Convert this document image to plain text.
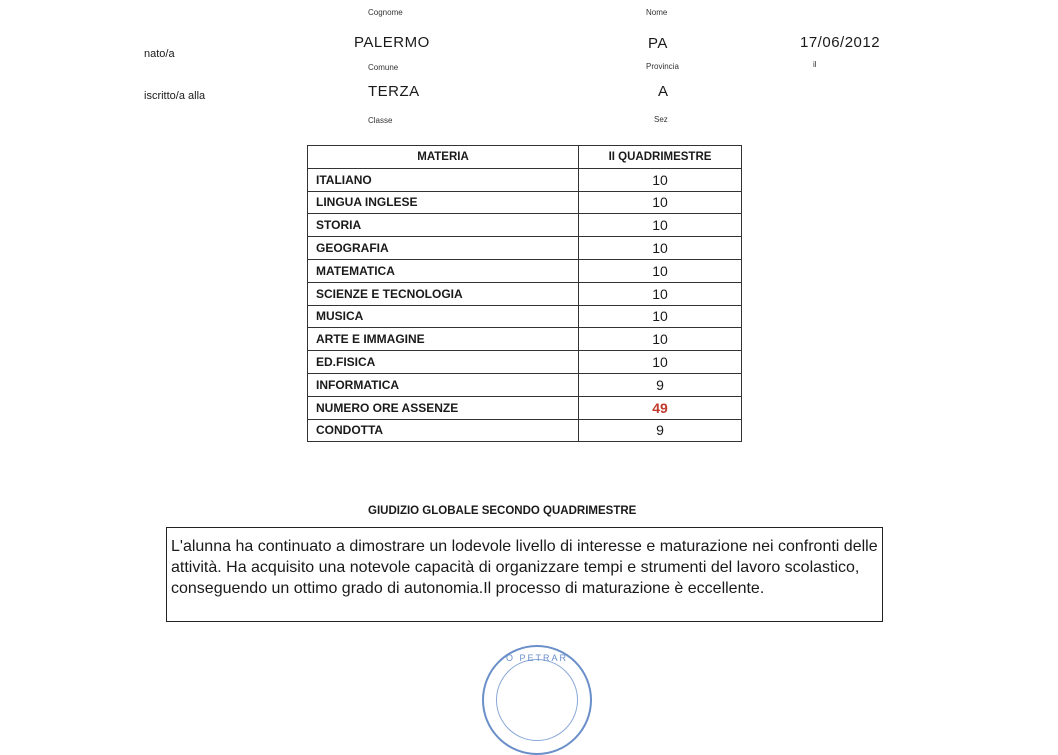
Cognome	Nome
nato/a
PALERMO	PA	17/06/2012
Comune	Provincia	il
iscritto/a alla	TERZA	A
Classe	Sez
MATERIA	II QUADRIMESTRE
ITALIANO	10
LINGUA INGLESE	10
STORIA	10
GEOGRAFIA	10
MATEMATICA	10
SCIENZE E TECNOLOGIA	10
MUSICA	10
ARTE E IMMAGINE	10
ED.FISICA	10
INFORMATICA	9
NUMERO ORE ASSENZE	49
CONDOTTA	9
GIUDIZIO GLOBALE SECONDO QUADRIMESTRE
L'alunna ha continuato a dimostrare un lodevole livello di interesse e maturazione nei confronti delle attività. Ha acquisito una notevole capacità di organizzare tempi e strumenti del lavoro scolastico, conseguendo un ottimo grado di autonomia.Il processo di maturazione è eccellente.
O PETRAR
